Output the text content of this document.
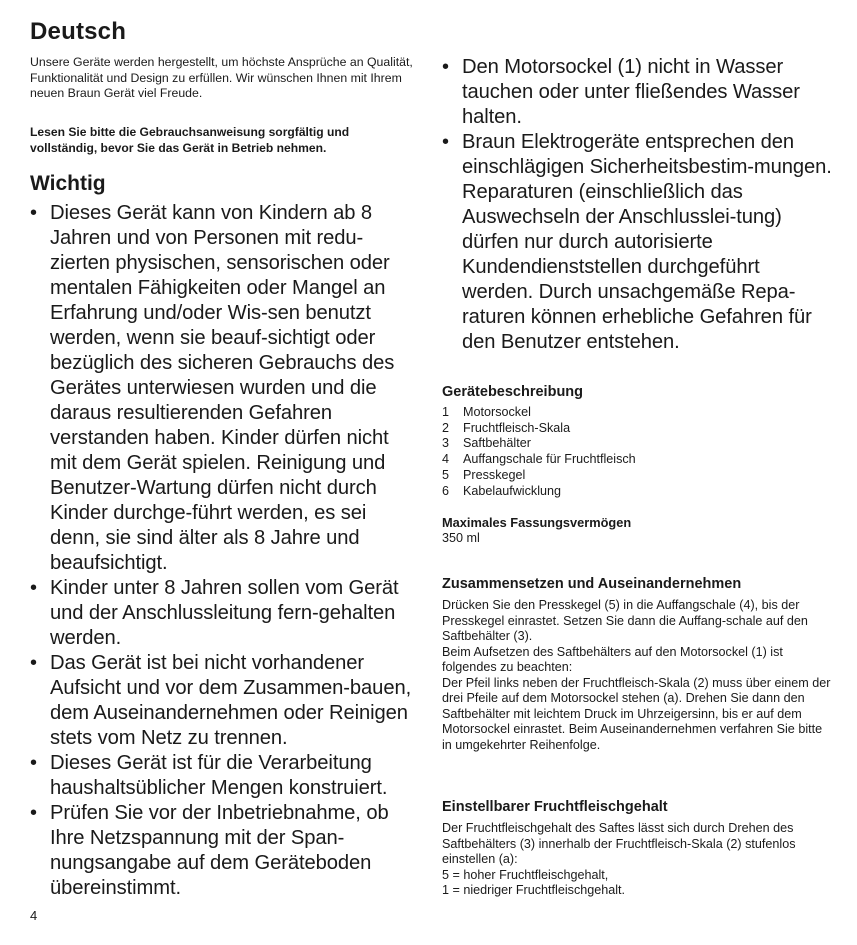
Deutsch

Unsere Geräte werden hergestellt, um höchste Ansprüche an Qualität, Funktionalität und Design zu erfüllen. Wir wünschen Ihnen mit Ihrem neuen Braun Gerät viel Freude.

Lesen Sie bitte die Gebrauchsanweisung sorgfältig und vollständig, bevor Sie das Gerät in Betrieb nehmen.

Wichtig
• Dieses Gerät kann von Kindern ab 8 Jahren und von Personen mit redu-zierten physischen, sensorischen oder mentalen Fähigkeiten oder Mangel an Erfahrung und/oder Wis-sen benutzt werden, wenn sie beauf-sichtigt oder bezüglich des sicheren Gebrauchs des Gerätes unterwiesen wurden und die daraus resultierenden Gefahren verstanden haben. Kinder dürfen nicht mit dem Gerät spielen. Reinigung und Benutzer-Wartung dürfen nicht durch Kinder durchge-führt werden, es sei denn, sie sind älter als 8 Jahre und beaufsichtigt.
• Kinder unter 8 Jahren sollen vom Gerät und der Anschlussleitung fern-gehalten werden.
• Das Gerät ist bei nicht vorhandener Aufsicht und vor dem Zusammen-bauen, dem Auseinandernehmen oder Reinigen stets vom Netz zu trennen.
• Dieses Gerät ist für die Verarbeitung haushaltsüblicher Mengen konstruiert.
• Prüfen Sie vor der Inbetriebnahme, ob Ihre Netzspannung mit der Span-nungsangabe auf dem Geräteboden übereinstimmt.
• Den Motorsockel (1) nicht in Wasser tauchen oder unter fließendes Wasser halten.
• Braun Elektrogeräte entsprechen den einschlägigen Sicherheitsbestim-mungen. Reparaturen (einschließlich das Auswechseln der Anschlusslei-tung) dürfen nur durch autorisierte Kundendienststellen durchgeführt werden. Durch unsachgemäße Repa-raturen können erhebliche Gefahren für den Benutzer entstehen.
Gerätebeschreibung
1 Motorsockel
2 Fruchtfleisch-Skala
3 Saftbehälter
4 Auffangschale für Fruchtfleisch
5 Presskegel
6 Kabelaufwicklung
Maximales Fassungsvermögen

350 ml

Zusammensetzen und Auseinandernehmen

Drücken Sie den Presskegel (5) in die Auffangschale (4), bis der Presskegel einrastet. Setzen Sie dann die Auffang-schale auf den Saftbehälter (3).
Beim Aufsetzen des Saftbehälters auf den Motorsockel (1) ist folgendes zu beachten:
Der Pfeil links neben der Fruchtfleisch-Skala (2) muss über einem der drei Pfeile auf dem Motorsockel stehen (a). Drehen Sie dann den Saftbehälter mit leichtem Druck im Uhrzeigersinn, bis er auf dem Motorsockel einrastet. Beim Auseinandernehmen verfahren Sie bitte in umgekehrter Reihenfolge.

Einstellbarer Fruchtfleischgehalt

Der Fruchtfleischgehalt des Saftes lässt sich durch Drehen des Saftbehälters (3) innerhalb der Fruchtfleisch-Skala (2) stufenlos einstellen (a):
5 = hoher Fruchtfleischgehalt,
1 = niedriger Fruchtfleischgehalt.

4
